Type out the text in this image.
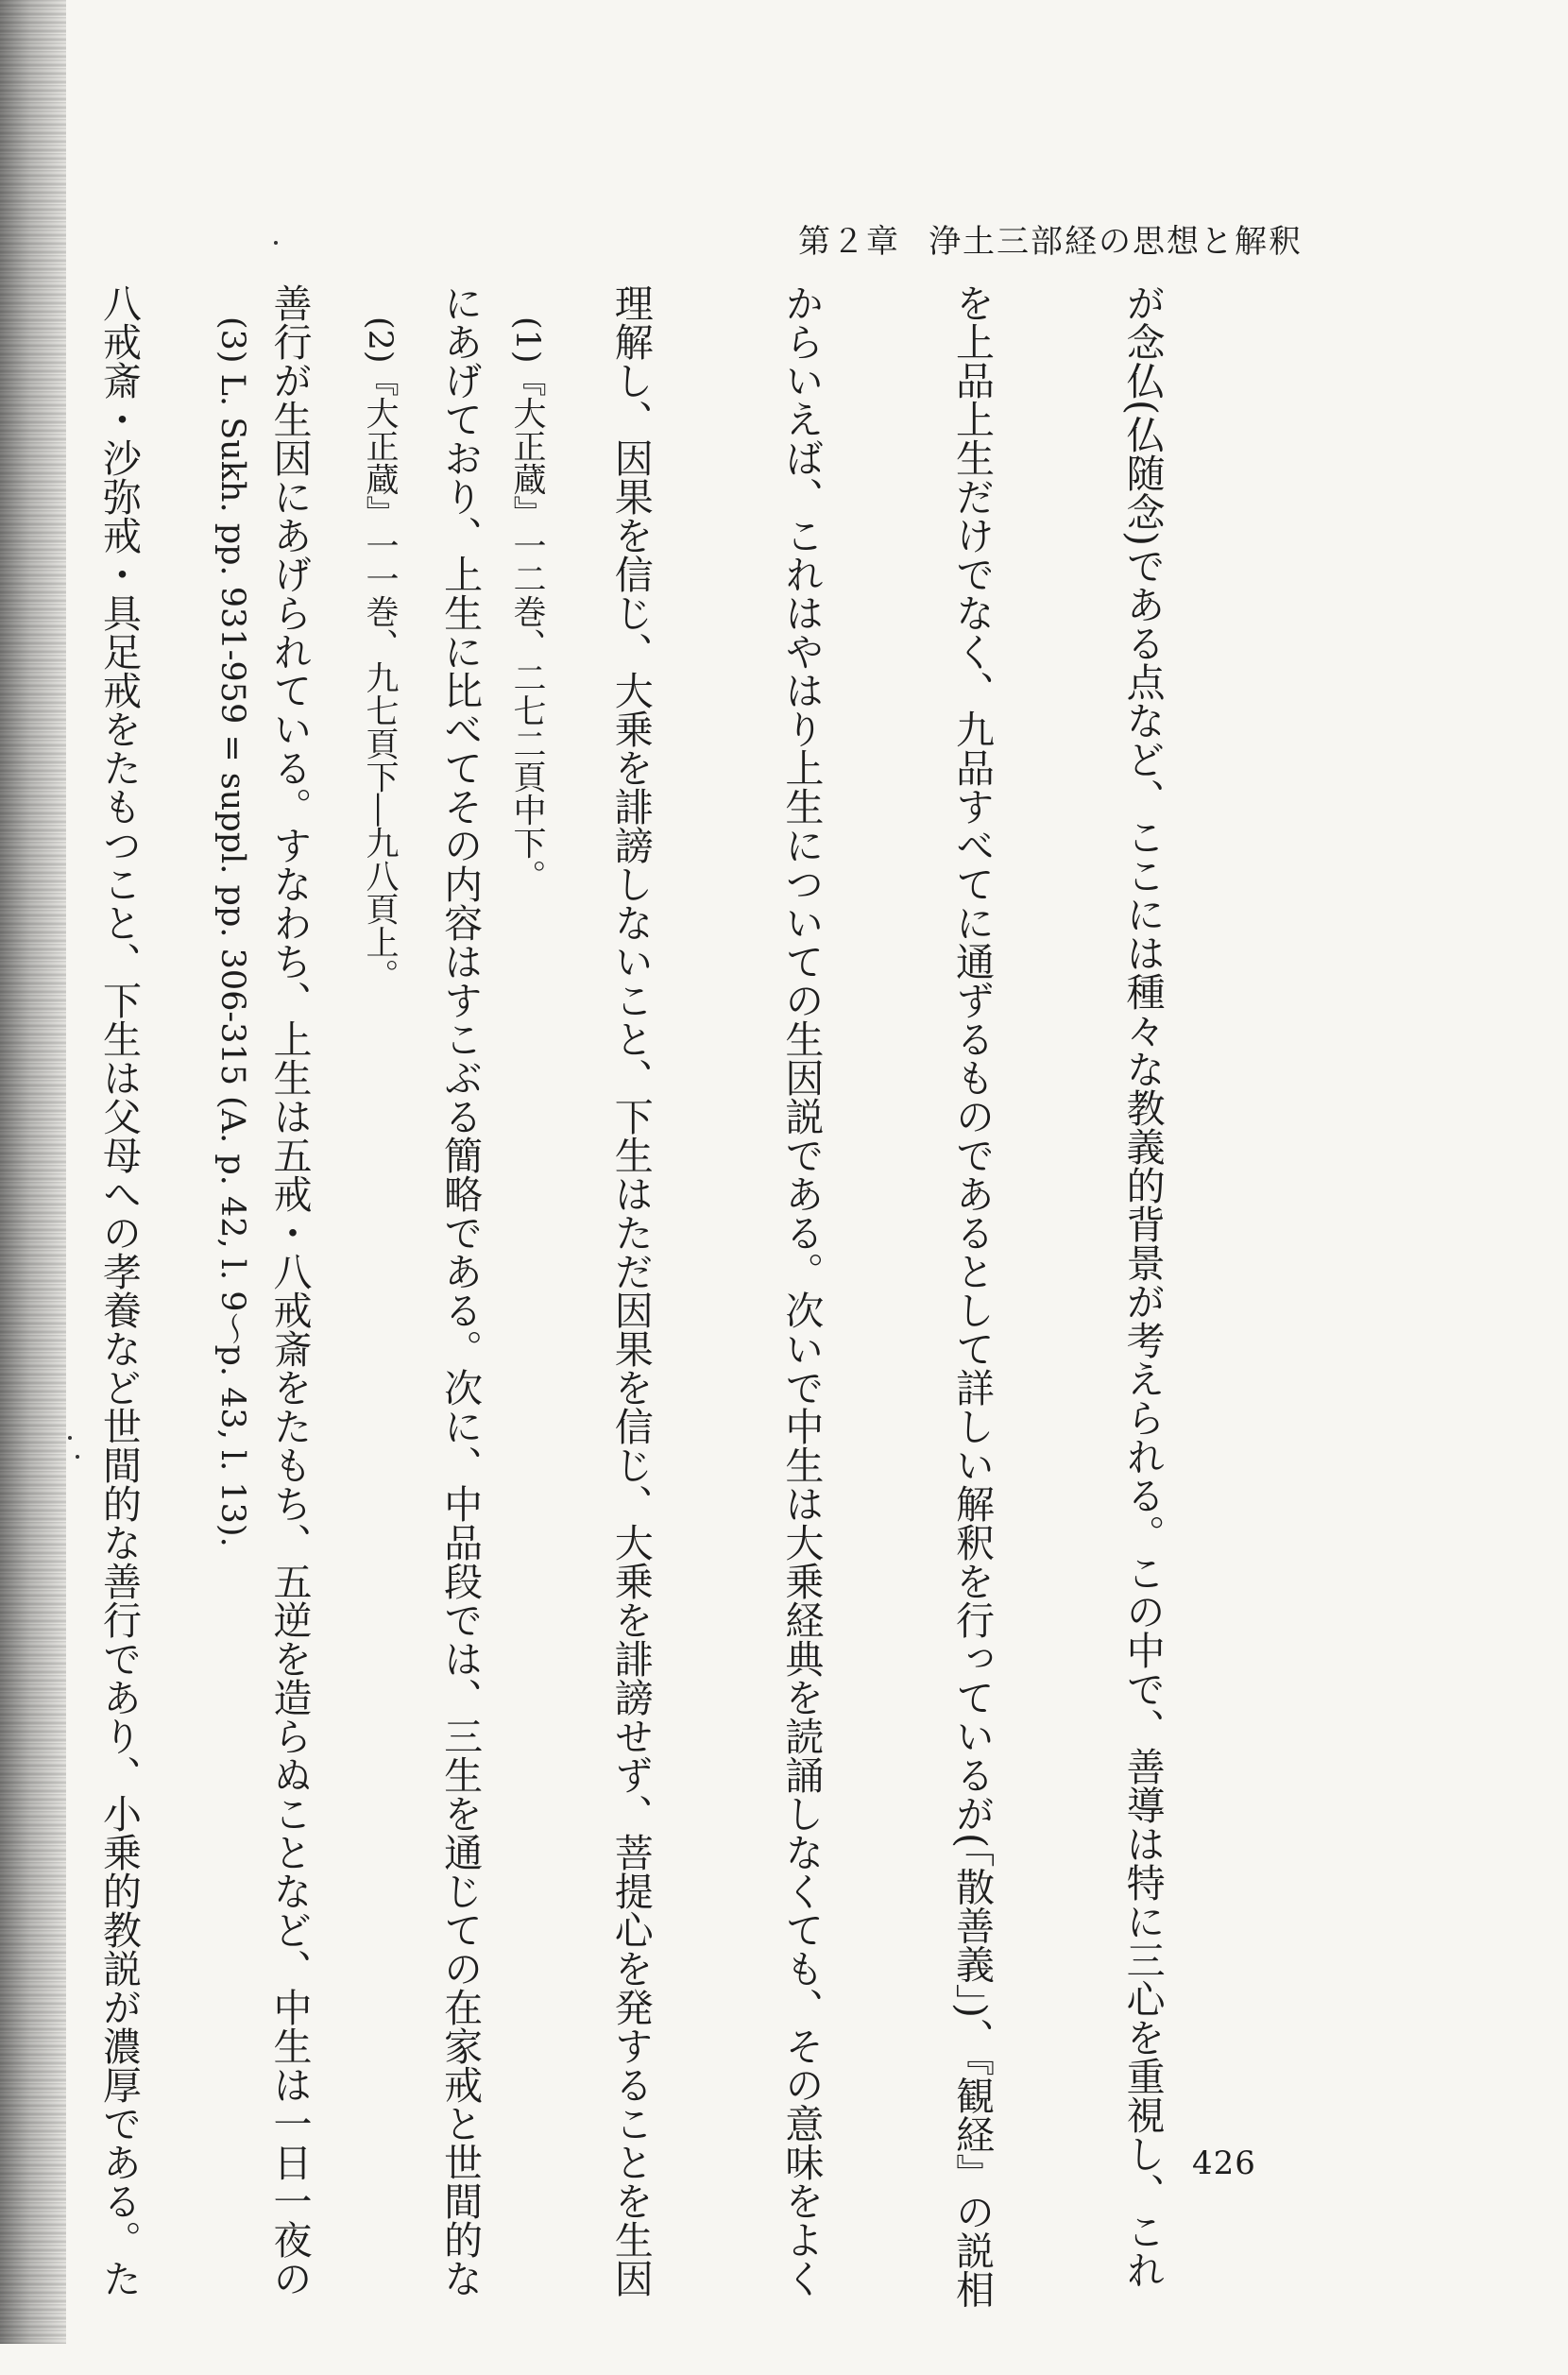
第２章 浄土三部経の思想と解釈

が念仏(仏随念)である点など、ここには種々な教義的背景が考えられる。この中で、善導は特に三心を重視し、これ

を上品上生だけでなく、九品すべてに通ずるものであるとして詳しい解釈を行っているが(「散善義」)、『観経』の説相

からいえば、これはやはり上生についての生因説である。次いで中生は大乗経典を読誦しなくても、その意味をよく

理解し、因果を信じ、大乗を誹謗しないこと、下生はただ因果を信じ、大乗を誹謗せず、菩提心を発することを生因

にあげており、上生に比べてその内容はすこぶる簡略である。次に、中品段では、三生を通じての在家戒と世間的な

善行が生因にあげられている。すなわち、上生は五戒・八戒斎をたもち、五逆を造らぬことなど、中生は一日一夜の

八戒斎・沙弥戒・具足戒をたもつこと、下生は父母への孝養など世間的な善行であり、小乗的教説が濃厚である。た

	(1)『大正蔵』一二巻、二七二頁中下。

(2)『大正蔵』一一巻、九七頁下―九八頁上。

(3) L. Sukh. pp. 931-959 = suppl. pp. 306-315 (A. p. 42, l. 9〜p. 43, l. 13).

426
